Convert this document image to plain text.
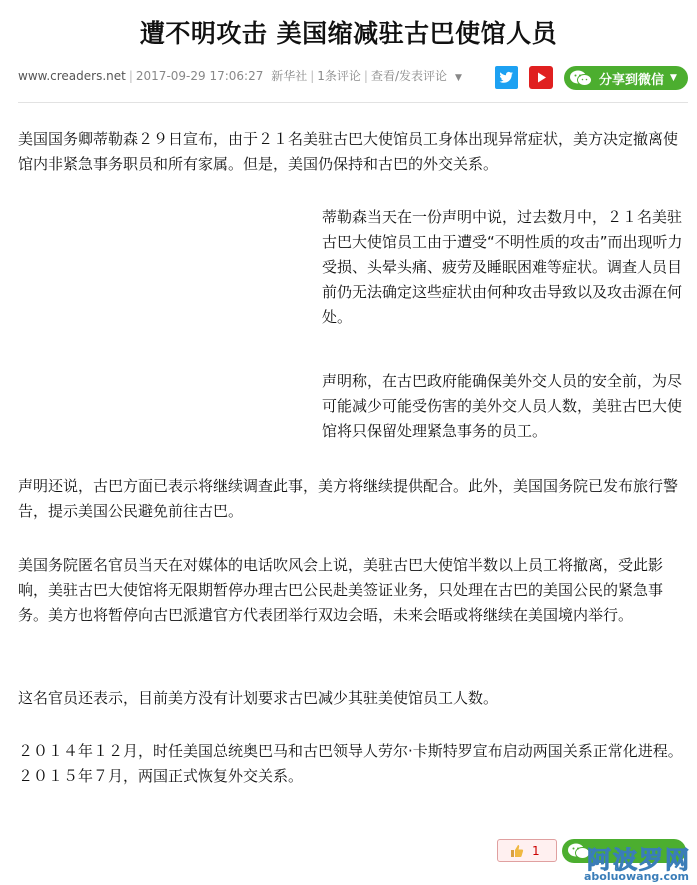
遭不明攻击 美国缩减驻古巴使馆人员
www.creaders.net | 2017-09-29 17:06:27 新华社 | 1条评论 | 查看/发表评论 ▼	分享到微信 ▼

美国国务卿蒂勒森２９日宣布，由于２１名美驻古巴大使馆员工身体出现异常症状，美方决定撤离使馆内非紧急事务职员和所有家属。但是，美国仍保持和古巴的外交关系。

蒂勒森当天在一份声明中说，过去数月中，２１名美驻古巴大使馆员工由于遭受“不明性质的攻击”而出现听力受损、头晕头痛、疲劳及睡眠困难等症状。调查人员目前仍无法确定这些症状由何种攻击导致以及攻击源在何处。

声明称，在古巴政府能确保美外交人员的安全前，为尽可能减少可能受伤害的美外交人员人数，美驻古巴大使馆将只保留处理紧急事务的员工。

声明还说，古巴方面已表示将继续调查此事，美方将继续提供配合。此外，美国国务院已发布旅行警告，提示美国公民避免前往古巴。

美国务院匿名官员当天在对媒体的电话吹风会上说，美驻古巴大使馆半数以上员工将撤离，受此影响，美驻古巴大使馆将无限期暂停办理古巴公民赴美签证业务，只处理在古巴的美国公民的紧急事务。美方也将暂停向古巴派遣官方代表团举行双边会晤，未来会晤或将继续在美国境内举行。

这名官员还表示，目前美方没有计划要求古巴减少其驻美使馆员工人数。

２０１４年１２月，时任美国总统奥巴马和古巴领导人劳尔·卡斯特罗宣布启动两国关系正常化进程。２０１５年７月，两国正式恢复外交关系。

1 阿波罗网
aboluowang.com
